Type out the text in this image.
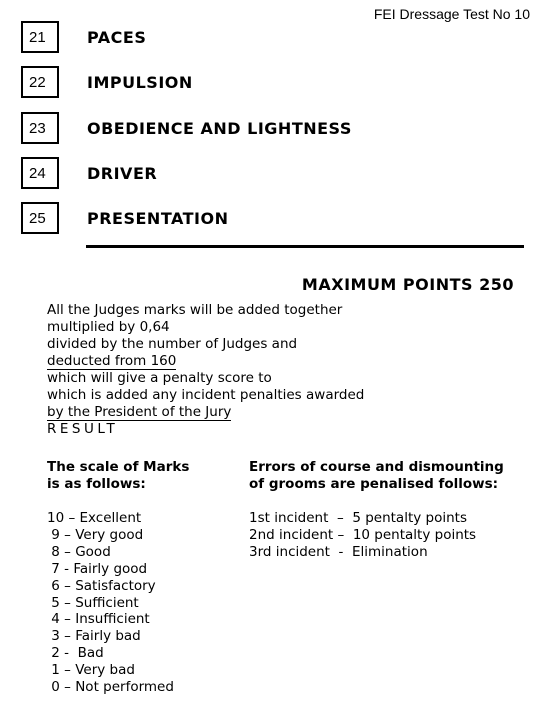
FEI Dressage Test No 10
21	PACES
22	IMPULSION
23	OBEDIENCE AND LIGHTNESS
24	DRIVER
25	PRESENTATION
MAXIMUM POINTS 250
All the Judges marks will be added together
multiplied by 0,64
divided by the number of Judges and
deducted from 160
which will give a penalty score to
which is added any incident penalties awarded
by the President of the Jury
RESULT
The scale of Marks
is as follows:
10 – Excellent
9 – Very good
8 – Good
7 - Fairly good
6 – Satisfactory
5 – Sufficient
4 – Insufficient
3 – Fairly bad
2 -  Bad
1 – Very bad
0 – Not performed
Errors of course and dismounting
of grooms are penalised follows:
1st incident  –  5 pentalty points
2nd incident –  10 pentalty points
3rd incident  -  Elimination
